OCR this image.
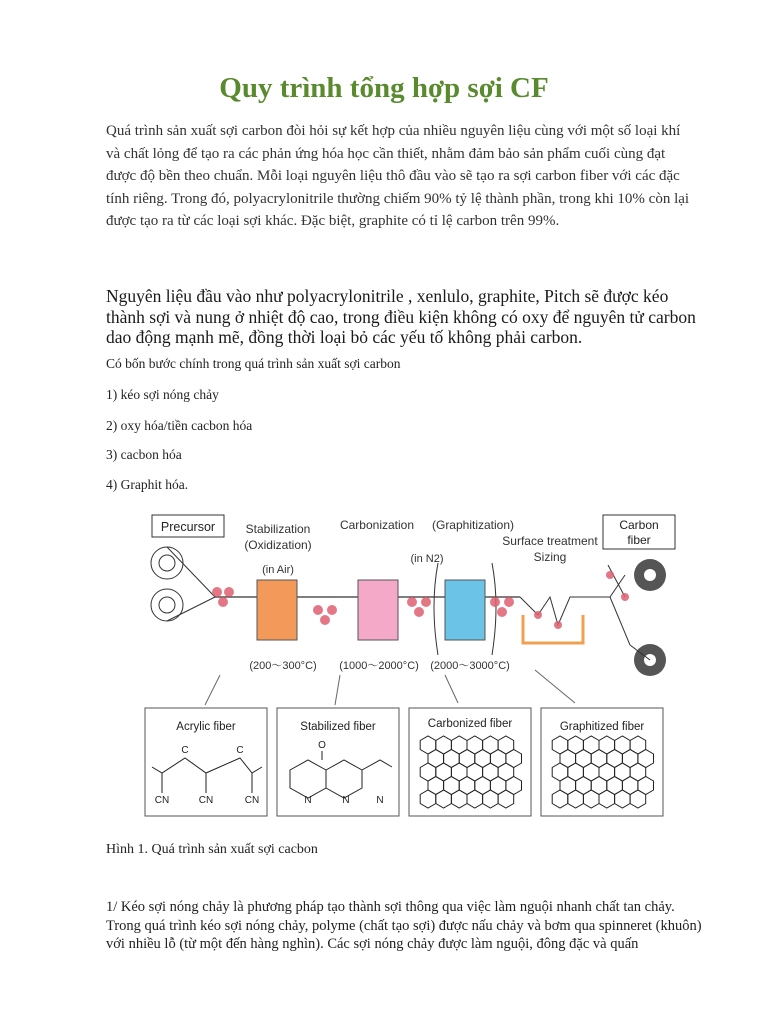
Quy trình tổng hợp sợi CF
Quá trình sản xuất sợi carbon đòi hỏi sự kết hợp của nhiều nguyên liệu cùng với một số loại khí và chất lỏng để tạo ra các phản ứng hóa học cần thiết, nhằm đảm bảo sản phẩm cuối cùng đạt được độ bền theo chuẩn. Mỗi loại nguyên liệu thô đầu vào sẽ tạo ra sợi carbon fiber với các đặc tính riêng. Trong đó, polyacrylonitrile thường chiếm 90% tỷ lệ thành phần, trong khi 10% còn lại được tạo ra từ các loại sợi khác. Đặc biệt, graphite có tỉ lệ carbon trên 99%.
Nguyên liệu đầu vào như polyacrylonitrile , xenlulo, graphite, Pitch sẽ được kéo thành sợi và nung ở nhiệt độ cao, trong điều kiện không có oxy để nguyên tử carbon dao động mạnh mẽ, đồng thời loại bỏ các yếu tố không phải carbon.
Có bốn bước chính trong quá trình sản xuất sợi carbon
1) kéo sợi nóng chảy
2) oxy hóa/tiền cacbon hóa
3) cacbon hóa
4) Graphit hóa.
Precursor	Stabilization
(Oxidization)
(in Air)
Carbonization (Graphitization)
(in N2)
Surface treatment
Sizing
Carbon
fiber
(200～300°C) (1000～2000°C) (2000～3000°C)
Acrylic fiber
C	C
CN	CN	CN
Stabilized fiber
O
N	N	N
Carbonized fiber	Graphitized fiber
Hình 1. Quá trình sản xuất sợi cacbon
1/ Kéo sợi nóng chảy là phương pháp tạo thành sợi thông qua việc làm nguội nhanh chất tan chảy. Trong quá trình kéo sợi nóng chảy, polyme (chất tạo sợi) được nấu chảy và bơm qua spinneret (khuôn) với nhiều lỗ (từ một đến hàng nghìn). Các sợi nóng chảy được làm nguội, đông đặc và quấn
